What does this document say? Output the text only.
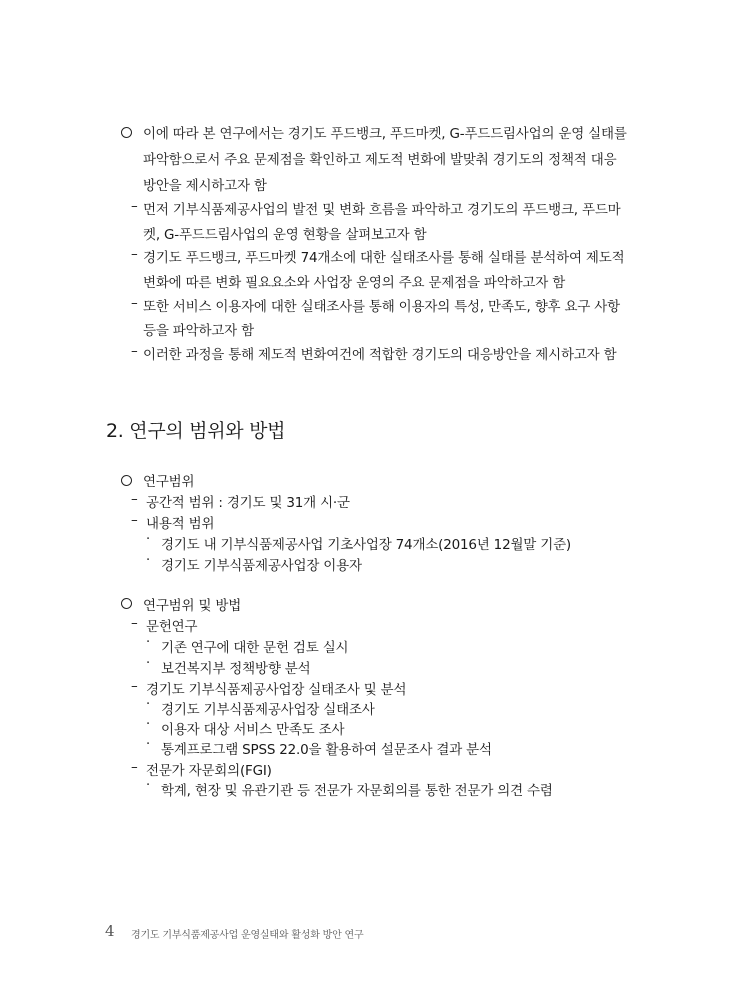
이에 따라 본 연구에서는 경기도 푸드뱅크, 푸드마켓, G-푸드드림사업의 운영 실태를
파악함으로서 주요 문제점을 확인하고 제도적 변화에 발맞춰 경기도의 정책적 대응
방안을 제시하고자 함
– 먼저 기부식품제공사업의 발전 및 변화 흐름을 파악하고 경기도의 푸드뱅크, 푸드마
켓, G-푸드드림사업의 운영 현황을 살펴보고자 함
– 경기도 푸드뱅크, 푸드마켓 74개소에 대한 실태조사를 통해 실태를 분석하여 제도적
변화에 따른 변화 필요요소와 사업장 운영의 주요 문제점을 파악하고자 함
– 또한 서비스 이용자에 대한 실태조사를 통해 이용자의 특성, 만족도, 향후 요구 사항
등을 파악하고자 함
– 이러한 과정을 통해 제도적 변화여건에 적합한 경기도의 대응방안을 제시하고자 함
2. 연구의 범위와 방법
연구범위
– 공간적 범위 : 경기도 및 31개 시·군
– 내용적 범위
· 경기도 내 기부식품제공사업 기초사업장 74개소(2016년 12월말 기준)
· 경기도 기부식품제공사업장 이용자
연구범위 및 방법
– 문헌연구
· 기존 연구에 대한 문헌 검토 실시
· 보건복지부 정책방향 분석
– 경기도 기부식품제공사업장 실태조사 및 분석
· 경기도 기부식품제공사업장 실태조사
· 이용자 대상 서비스 만족도 조사
· 통계프로그램 SPSS 22.0을 활용하여 설문조사 결과 분석
– 전문가 자문회의(FGI)
· 학계, 현장 및 유관기관 등 전문가 자문회의를 통한 전문가 의견 수렴
4 경기도 기부식품제공사업 운영실태와 활성화 방안 연구
